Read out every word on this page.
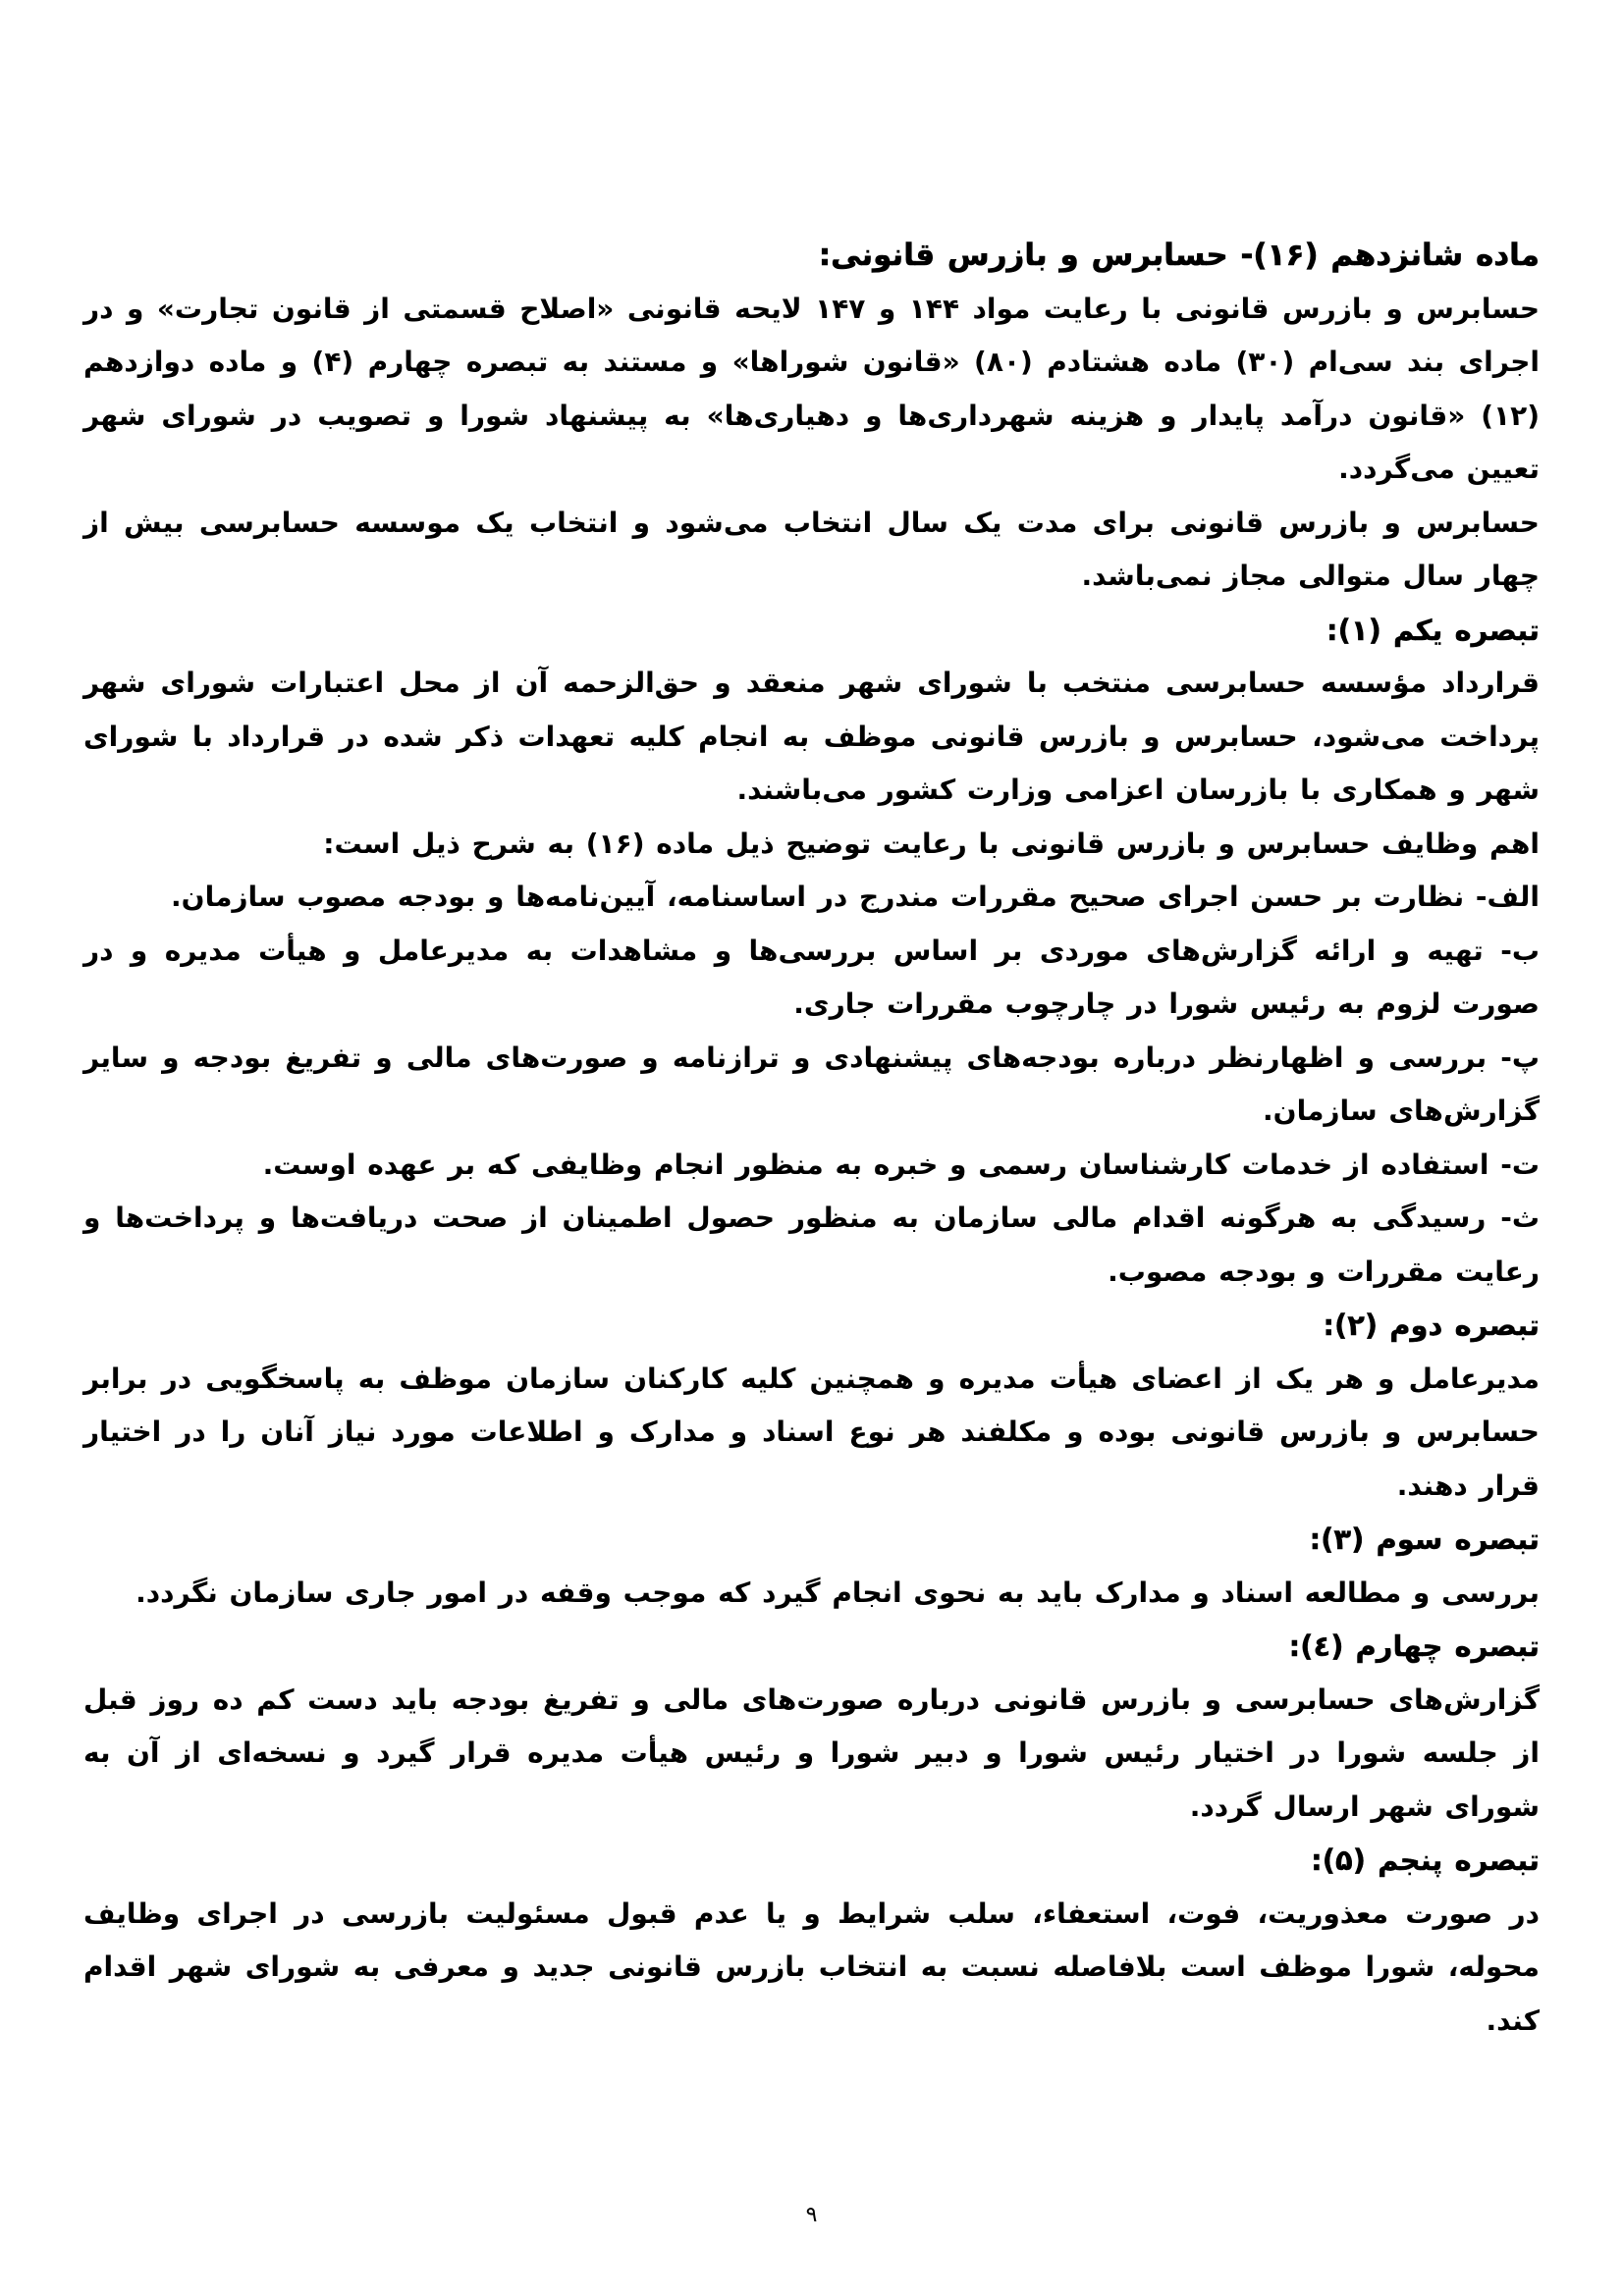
ماده شانزدهم (۱۶)- حسابرس و بازرس قانونی:
حسابرس و بازرس قانونی با رعایت مواد ۱۴۴ و ۱۴۷ لایحه قانونی «اصلاح قسمتی از قانون تجارت» و در اجرای بند سی‌ام (۳۰) ماده هشتادم (۸۰) «قانون شوراها» و مستند به تبصره چهارم (۴) و ماده دوازدهم (۱۲) «قانون درآمد پایدار و هزینه شهرداری‌ها و دهیاری‌ها» به پیشنهاد شورا و تصویب در شورای شهر تعیین می‌گردد.
حسابرس و بازرس قانونی برای مدت یک سال انتخاب می‌شود و انتخاب یک موسسه حسابرسی بیش از چهار سال متوالی مجاز نمی‌باشد.
تبصره یکم (۱):
قرارداد مؤسسه حسابرسی منتخب با شورای شهر منعقد و حق‌الزحمه آن از محل اعتبارات شورای شهر پرداخت می‌شود، حسابرس و بازرس قانونی موظف به انجام کلیه تعهدات ذکر شده در قرارداد با شورای شهر و همکاری با بازرسان اعزامی وزارت کشور می‌باشند.
اهم وظایف حسابرس و بازرس قانونی با رعایت توضیح ذیل ماده (۱۶) به شرح ذیل است:
الف- نظارت بر حسن اجرای صحیح مقررات مندرج در اساسنامه، آیین‌نامه‌ها و بودجه مصوب سازمان.
ب- تهیه و ارائه گزارش‌های موردی بر اساس بررسی‌ها و مشاهدات به مدیرعامل و هیأت مدیره و در صورت لزوم به رئیس شورا در چارچوب مقررات جاری.
پ- بررسی و اظهارنظر درباره بودجه‌های پیشنهادی و ترازنامه و صورت‌های مالی و تفریغ بودجه و سایر گزارش‌های سازمان.
ت- استفاده از خدمات کارشناسان رسمی و خبره به منظور انجام وظایفی که بر عهده اوست.
ث- رسیدگی به هرگونه اقدام مالی سازمان به منظور حصول اطمینان از صحت دریافت‌ها و پرداخت‌ها و رعایت مقررات و بودجه مصوب.
تبصره دوم (۲):
مدیرعامل و هر یک از اعضای هیأت مدیره و همچنین کلیه کارکنان سازمان موظف به پاسخگویی در برابر حسابرس و بازرس قانونی بوده و مکلفند هر نوع اسناد و مدارک و اطلاعات مورد نیاز آنان را در اختیار قرار دهند.
تبصره سوم (۳):
بررسی و مطالعه اسناد و مدارک باید به نحوی انجام گیرد که موجب وقفه در امور جاری سازمان نگردد.
تبصره چهارم (٤):
گزارش‌های حسابرسی و بازرس قانونی درباره صورت‌های مالی و تفریغ بودجه باید دست کم ده روز قبل از جلسه شورا در اختیار رئیس شورا و دبیر شورا و رئیس هیأت مدیره قرار گیرد و نسخه‌ای از آن به شورای شهر ارسال گردد.
تبصره پنجم (۵):
در صورت معذوریت، فوت، استعفاء، سلب شرایط و یا عدم قبول مسئولیت بازرسی در اجرای وظایف محوله، شورا موظف است بلافاصله نسبت به انتخاب بازرس قانونی جدید و معرفی به شورای شهر اقدام کند.
۹
